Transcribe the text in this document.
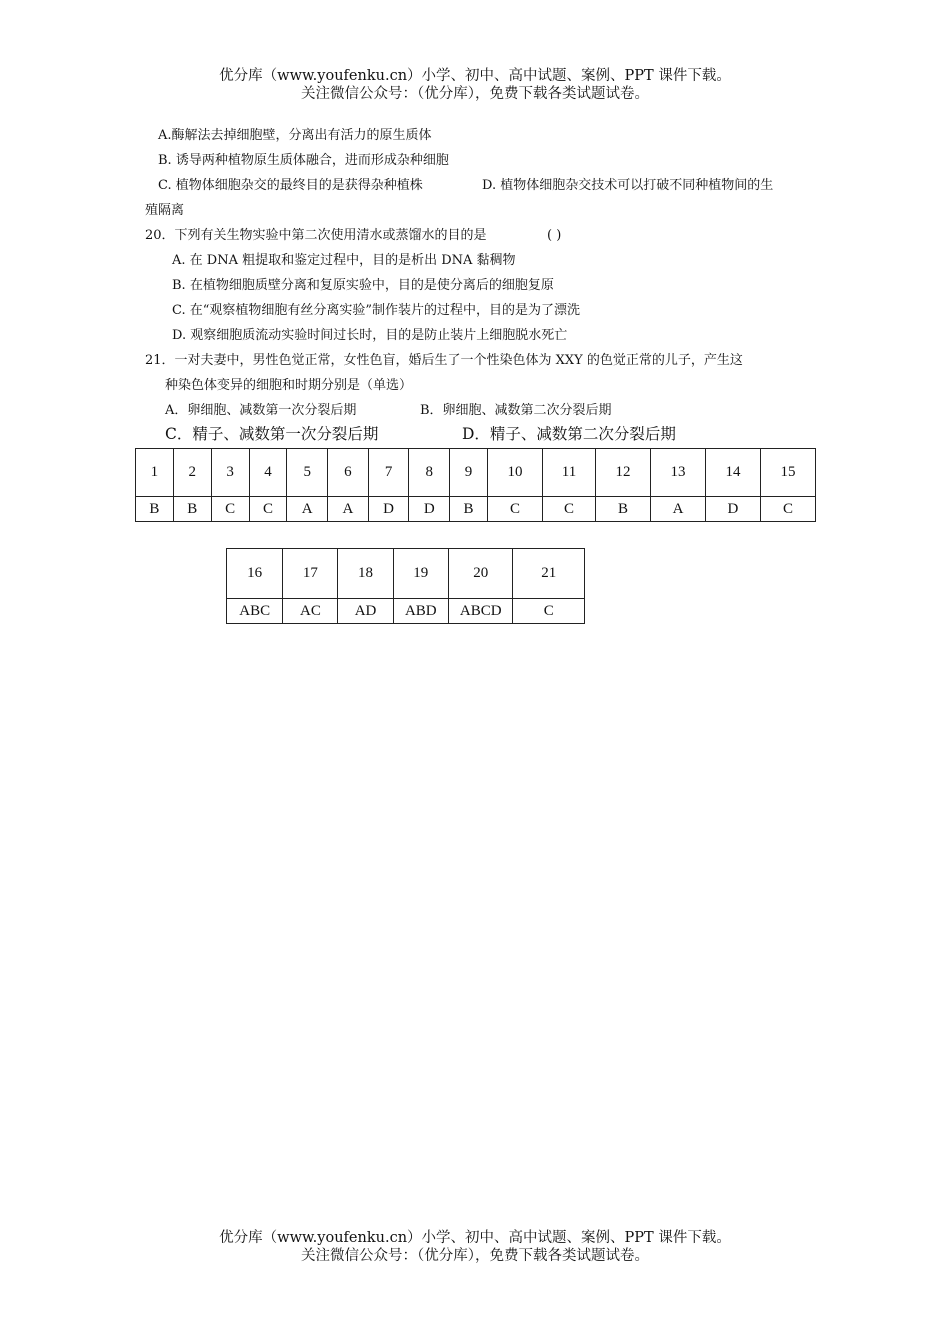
优分库（www.youfenku.cn）小学、初中、高中试题、案例、PPT 课件下载。
关注微信公众号：（优分库），免费下载各类试题试卷。
A.酶解法去掉细胞壁，分离出有活力的原生质体
B. 诱导两种植物原生质体融合，进而形成杂种细胞
C. 植物体细胞杂交的最终目的是获得杂种植株	D. 植物体细胞杂交技术可以打破不同种植物间的生
殖隔离
20．下列有关生物实验中第二次使用清水或蒸馏水的目的是	( )
A. 在 DNA 粗提取和鉴定过程中，目的是析出 DNA 黏稠物
B. 在植物细胞质壁分离和复原实验中，目的是使分离后的细胞复原
C. 在“观察植物细胞有丝分离实验”制作装片的过程中，目的是为了漂洗
D. 观察细胞质流动实验时间过长时，目的是防止装片上细胞脱水死亡
21．一对夫妻中，男性色觉正常，女性色盲，婚后生了一个性染色体为 XXY 的色觉正常的儿子，产生这
种染色体变异的细胞和时期分别是（单选）
A．卵细胞、减数第一次分裂后期	B．卵细胞、减数第二次分裂后期
C．精子、减数第一次分裂后期	D．精子、减数第二次分裂后期
1	2	3	4	5	6	7	8	9	10	11	12	13	14	15
B	B	C	C	A	A	D	D	B	C	C	B	A	D	C
16	17	18	19	20	21
ABC	AC	AD	ABD	ABCD	C
优分库（www.youfenku.cn）小学、初中、高中试题、案例、PPT 课件下载。
关注微信公众号：（优分库），免费下载各类试题试卷。
